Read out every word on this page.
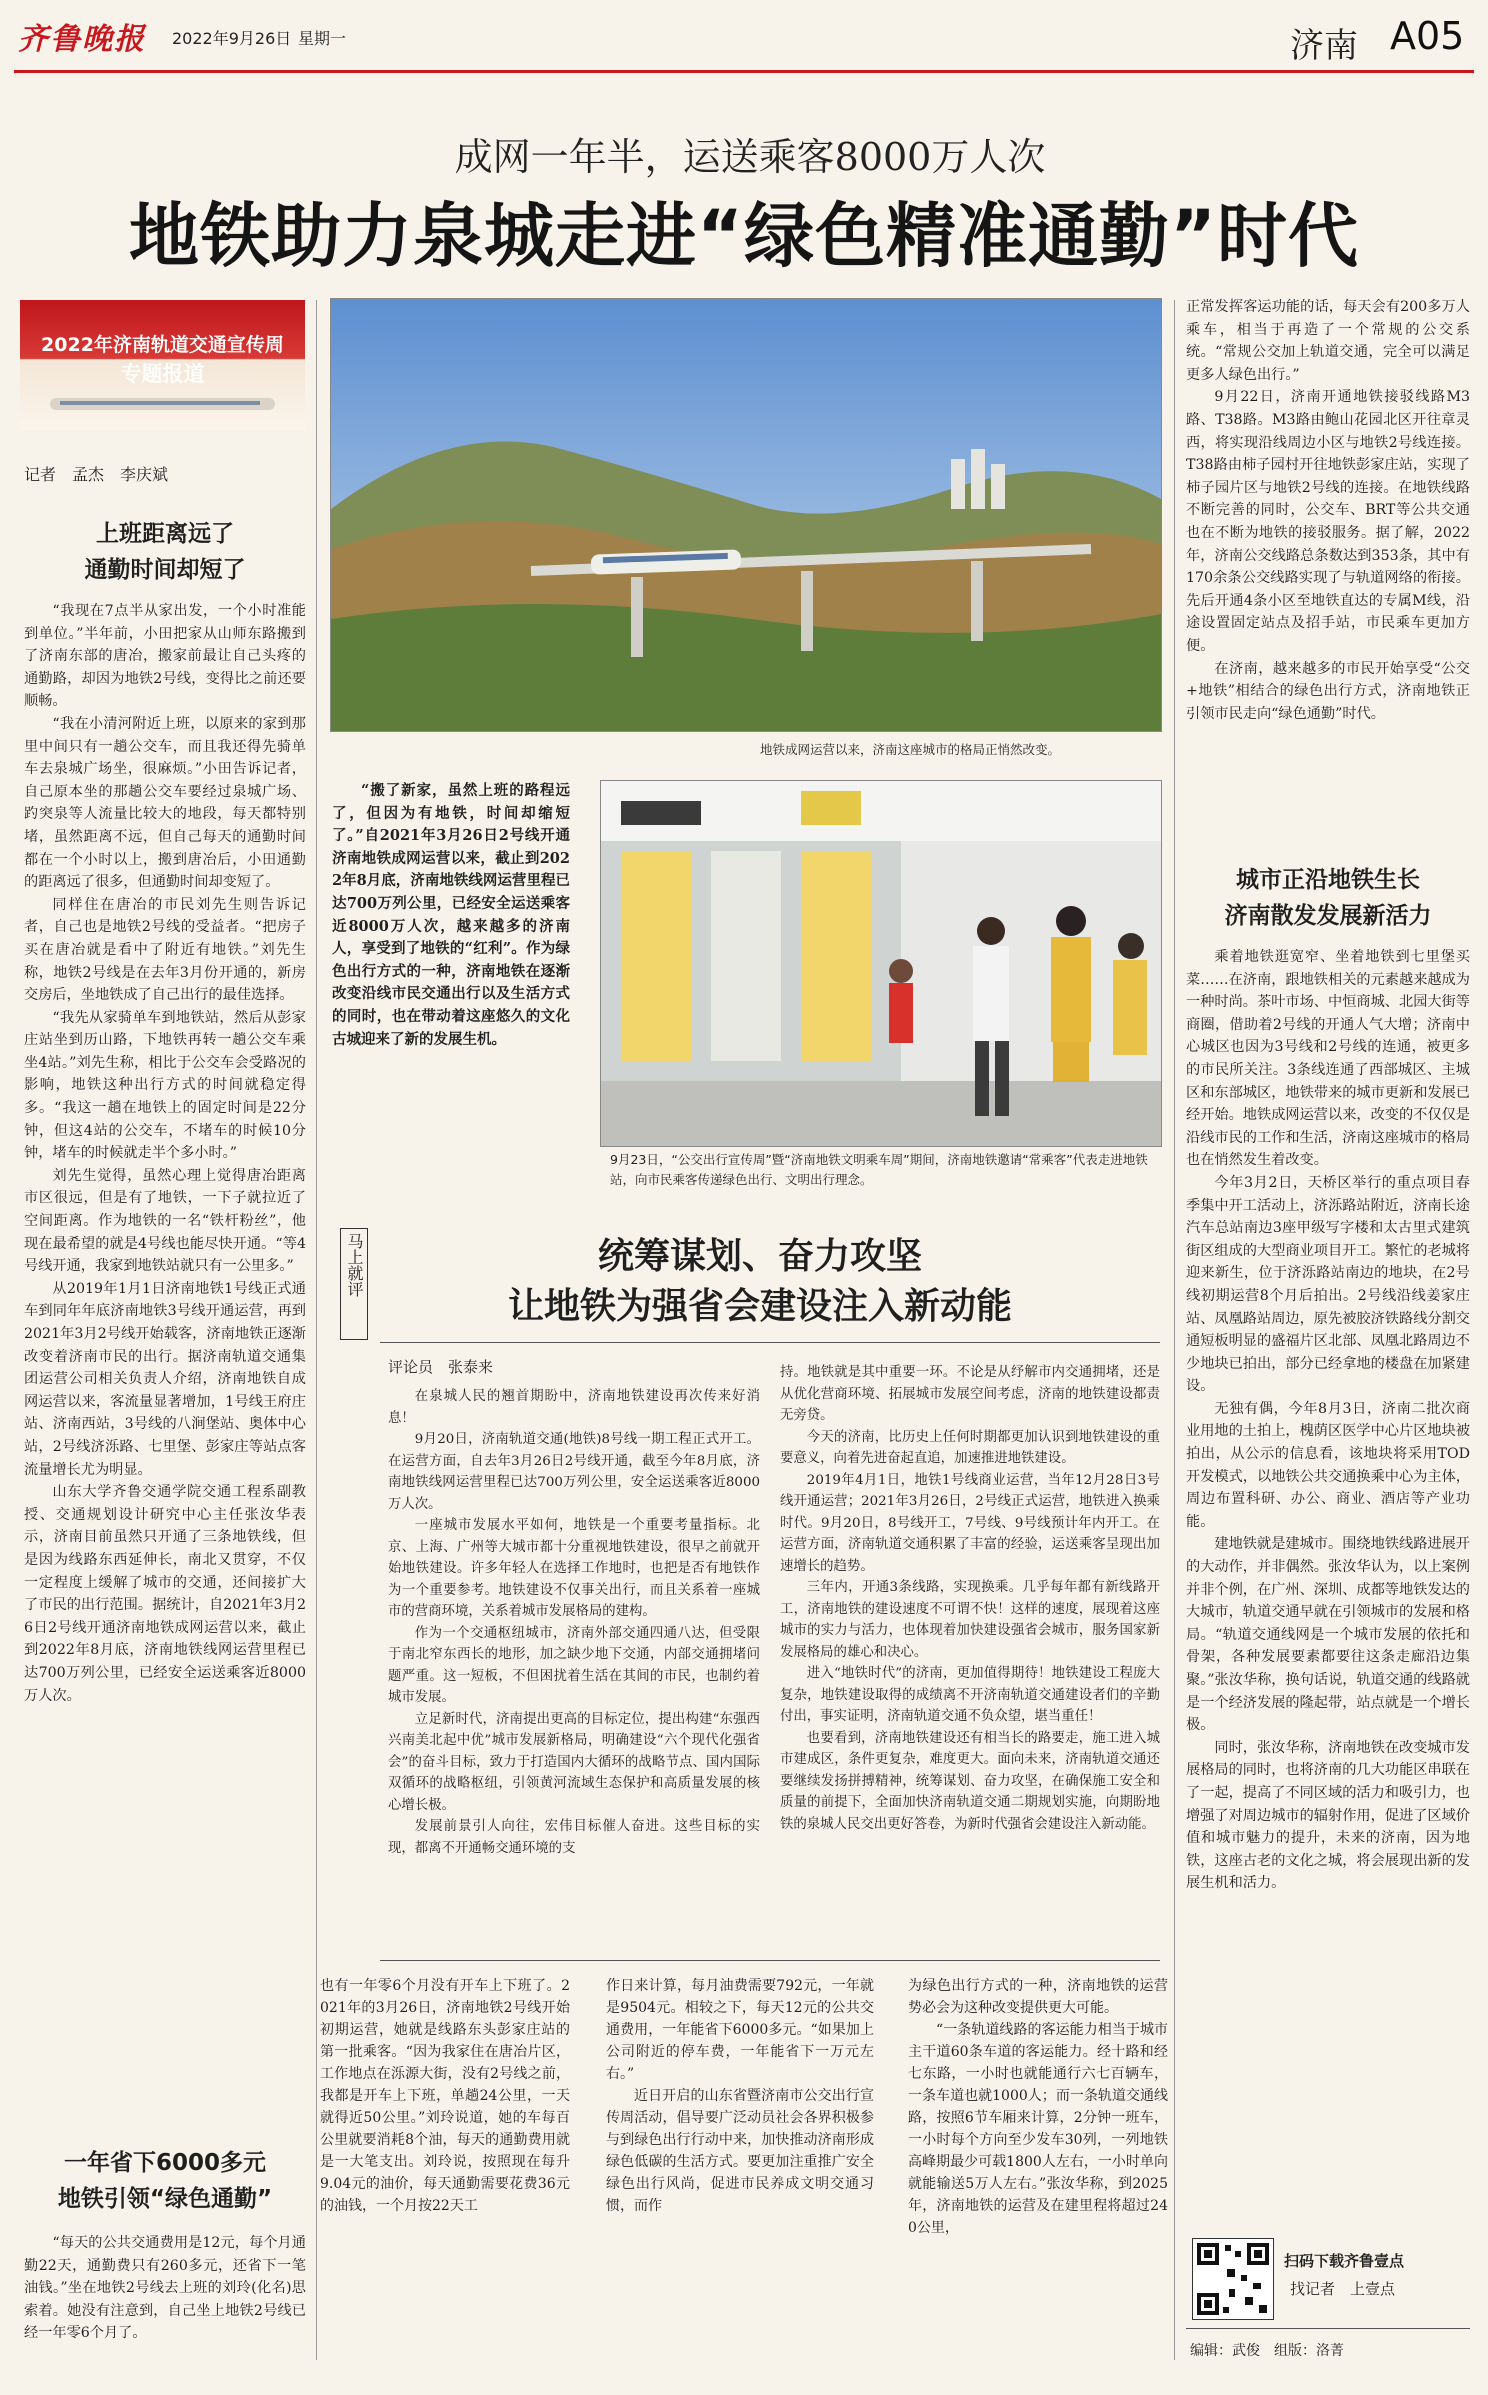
齐鲁晚报 2022年9月26日 星期一	济南 A05
成网一年半，运送乘客8000万人次
地铁助力泉城走进“绿色精准通勤”时代
2022年济南轨道交通宣传周
专题报道
记者　孟杰　李庆斌
上班距离远了
通勤时间却短了

“我现在7点半从家出发，一个小时准能到单位。”半年前，小田把家从山师东路搬到了济南东部的唐冶，搬家前最让自己头疼的通勤路，却因为地铁2号线，变得比之前还要顺畅。

“我在小清河附近上班，以原来的家到那里中间只有一趟公交车，而且我还得先骑单车去泉城广场坐，很麻烦。”小田告诉记者，自己原本坐的那趟公交车要经过泉城广场、趵突泉等人流量比较大的地段，每天都特别堵，虽然距离不远，但自己每天的通勤时间都在一个小时以上，搬到唐冶后，小田通勤的距离远了很多，但通勤时间却变短了。

同样住在唐冶的市民刘先生则告诉记者，自己也是地铁2号线的受益者。“把房子买在唐冶就是看中了附近有地铁。”刘先生称，地铁2号线是在去年3月份开通的，新房交房后，坐地铁成了自己出行的最佳选择。

“我先从家骑单车到地铁站，然后从彭家庄站坐到历山路，下地铁再转一趟公交车乘坐4站。”刘先生称，相比于公交车会受路况的影响，地铁这种出行方式的时间就稳定得多。“我这一趟在地铁上的固定时间是22分钟，但这4站的公交车，不堵车的时候10分钟，堵车的时候就走半个多小时。”

刘先生觉得，虽然心理上觉得唐冶距离市区很远，但是有了地铁，一下子就拉近了空间距离。作为地铁的一名“铁杆粉丝”，他现在最希望的就是4号线也能尽快开通。“等4号线开通，我家到地铁站就只有一公里多。”

从2019年1月1日济南地铁1号线正式通车到同年年底济南地铁3号线开通运营，再到2021年3月2号线开始载客，济南地铁正逐渐改变着济南市民的出行。据济南轨道交通集团运营公司相关负责人介绍，济南地铁自成网运营以来，客流量显著增加，1号线王府庄站、济南西站，3号线的八涧堡站、奥体中心站，2号线济泺路、七里堡、彭家庄等站点客流量增长尤为明显。

山东大学齐鲁交通学院交通工程系副教授、交通规划设计研究中心主任张汝华表示，济南目前虽然只开通了三条地铁线，但是因为线路东西延伸长，南北又贯穿，不仅一定程度上缓解了城市的交通，还间接扩大了市民的出行范围。据统计，自2021年3月26日2号线开通济南地铁成网运营以来，截止到2022年8月底，济南地铁线网运营里程已达700万列公里，已经安全运送乘客近8000万人次。

一年省下6000多元
地铁引领“绿色通勤”

“每天的公共交通费用是12元，每个月通勤22天，通勤费只有260多元，还省下一笔油钱。”坐在地铁2号线去上班的刘玲(化名)思索着。她没有注意到，自己坐上地铁2号线已经一年零6个月了。

地铁成网运营以来，济南这座城市的格局正悄然改变。

“搬了新家，虽然上班的路程远了，但因为有地铁，时间却缩短了。”自2021年3月26日2号线开通济南地铁成网运营以来，截止到2022年8月底，济南地铁线网运营里程已达700万列公里，已经安全运送乘客近8000万人次，越来越多的济南人，享受到了地铁的“红利”。作为绿色出行方式的一种，济南地铁在逐渐改变沿线市民交通出行以及生活方式的同时，也在带动着这座悠久的文化古城迎来了新的发展生机。

9月23日，“公交出行宣传周”暨“济南地铁文明乘车周”期间，济南地铁邀请“常乘客”代表走进地铁站，向市民乘客传递绿色出行、文明出行理念。
马上就评	统筹谋划、奋力攻坚
让地铁为强省会建设注入新动能
评论员　张泰来

在泉城人民的翘首期盼中，济南地铁建设再次传来好消息！

9月20日，济南轨道交通(地铁)8号线一期工程正式开工。在运营方面，自去年3月26日2号线开通，截至今年8月底，济南地铁线网运营里程已达700万列公里，安全运送乘客近8000万人次。

一座城市发展水平如何，地铁是一个重要考量指标。北京、上海、广州等大城市都十分重视地铁建设，很早之前就开始地铁建设。许多年轻人在选择工作地时，也把是否有地铁作为一个重要参考。地铁建设不仅事关出行，而且关系着一座城市的营商环境，关系着城市发展格局的建构。

作为一个交通枢纽城市，济南外部交通四通八达，但受限于南北窄东西长的地形，加之缺少地下交通，内部交通拥堵问题严重。这一短板，不但困扰着生活在其间的市民，也制约着城市发展。

立足新时代，济南提出更高的目标定位，提出构建“东强西兴南美北起中优”城市发展新格局，明确建设“六个现代化强省会”的奋斗目标，致力于打造国内大循环的战略节点、国内国际双循环的战略枢纽，引领黄河流域生态保护和高质量发展的核心增长极。

发展前景引人向往，宏伟目标催人奋进。这些目标的实现，都离不开通畅交通环境的支

持。地铁就是其中重要一环。不论是从纾解市内交通拥堵，还是从优化营商环境、拓展城市发展空间考虑，济南的地铁建设都责无旁贷。

今天的济南，比历史上任何时期都更加认识到地铁建设的重要意义，向着先进奋起直追，加速推进地铁建设。

2019年4月1日，地铁1号线商业运营，当年12月28日3号线开通运营；2021年3月26日，2号线正式运营，地铁进入换乘时代。9月20日，8号线开工，7号线、9号线预计年内开工。在运营方面，济南轨道交通积累了丰富的经验，运送乘客呈现出加速增长的趋势。

三年内，开通3条线路，实现换乘。几乎每年都有新线路开工，济南地铁的建设速度不可谓不快！这样的速度，展现着这座城市的实力与活力，也体现着加快建设强省会城市，服务国家新发展格局的雄心和决心。

进入“地铁时代”的济南，更加值得期待！地铁建设工程庞大复杂，地铁建设取得的成绩离不开济南轨道交通建设者们的辛勤付出，事实证明，济南轨道交通不负众望，堪当重任！

也要看到，济南地铁建设还有相当长的路要走，施工进入城市建成区，条件更复杂，难度更大。面向未来，济南轨道交通还要继续发扬拼搏精神，统筹谋划、奋力攻坚，在确保施工安全和质量的前提下，全面加快济南轨道交通二期规划实施，向期盼地铁的泉城人民交出更好答卷，为新时代强省会建设注入新动能。

也有一年零6个月没有开车上下班了。2021年的3月26日，济南地铁2号线开始初期运营，她就是线路东头彭家庄站的第一批乘客。“因为我家住在唐冶片区，工作地点在泺源大街，没有2号线之前，我都是开车上下班，单趟24公里，一天就得近50公里。”刘玲说道，她的车每百公里就要消耗8个油，每天的通勤费用就是一大笔支出。刘玲说，按照现在每升9.04元的油价，每天通勤需要花费36元的油钱，一个月按22天工

作日来计算，每月油费需要792元，一年就是9504元。相较之下，每天12元的公共交通费用，一年能省下6000多元。“如果加上公司附近的停车费，一年能省下一万元左右。”

近日开启的山东省暨济南市公交出行宣传周活动，倡导要广泛动员社会各界积极参与到绿色出行行动中来，加快推动济南形成绿色低碳的生活方式。要更加注重推广安全绿色出行风尚，促进市民养成文明交通习惯，而作

为绿色出行方式的一种，济南地铁的运营势必会为这种改变提供更大可能。

“一条轨道线路的客运能力相当于城市主干道60条车道的客运能力。经十路和经七东路，一小时也就能通行六七百辆车，一条车道也就1000人；而一条轨道交通线路，按照6节车厢来计算，2分钟一班车，一小时每个方向至少发车30列，一列地铁高峰期最少可载1800人左右，一小时单向就能输送5万人左右。”张汝华称，到2025年，济南地铁的运营及在建里程将超过240公里，

正常发挥客运功能的话，每天会有200多万人乘车，相当于再造了一个常规的公交系统。“常规公交加上轨道交通，完全可以满足更多人绿色出行。”

9月22日，济南开通地铁接驳线路M3路、T38路。M3路由鲍山花园北区开往章灵西，将实现沿线周边小区与地铁2号线连接。T38路由柿子园村开往地铁彭家庄站，实现了柿子园片区与地铁2号线的连接。在地铁线路不断完善的同时，公交车、BRT等公共交通也在不断为地铁的接驳服务。据了解，2022年，济南公交线路总条数达到353条，其中有170余条公交线路实现了与轨道网络的衔接。先后开通4条小区至地铁直达的专属M线，沿途设置固定站点及招手站，市民乘车更加方便。

在济南，越来越多的市民开始享受“公交+地铁”相结合的绿色出行方式，济南地铁正引领市民走向“绿色通勤”时代。

城市正沿地铁生长
济南散发发展新活力

乘着地铁逛宽窄、坐着地铁到七里堡买菜……在济南，跟地铁相关的元素越来越成为一种时尚。茶叶市场、中恒商城、北园大街等商圈，借助着2号线的开通人气大增；济南中心城区也因为3号线和2号线的连通，被更多的市民所关注。3条线连通了西部城区、主城区和东部城区，地铁带来的城市更新和发展已经开始。地铁成网运营以来，改变的不仅仅是沿线市民的工作和生活，济南这座城市的格局也在悄然发生着改变。

今年3月2日，天桥区举行的重点项目春季集中开工活动上，济泺路站附近，济南长途汽车总站南边3座甲级写字楼和太古里式建筑街区组成的大型商业项目开工。繁忙的老城将迎来新生，位于济泺路站南边的地块，在2号线初期运营8个月后拍出。2号线沿线姜家庄站、凤凰路站周边，原先被胶济铁路线分割交通短板明显的盛福片区北部、凤凰北路周边不少地块已拍出，部分已经拿地的楼盘在加紧建设。

无独有偶，今年8月3日，济南二批次商业用地的土拍上，槐荫区医学中心片区地块被拍出，从公示的信息看，该地块将采用TOD开发模式，以地铁公共交通换乘中心为主体，周边布置科研、办公、商业、酒店等产业功能。

建地铁就是建城市。围绕地铁线路进展开的大动作，并非偶然。张汝华认为，以上案例并非个例，在广州、深圳、成都等地铁发达的大城市，轨道交通早就在引领城市的发展和格局。“轨道交通线网是一个城市发展的依托和骨架，各种发展要素都要往这条走廊沿边集聚。”张汝华称，换句话说，轨道交通的线路就是一个经济发展的隆起带，站点就是一个增长极。

同时，张汝华称，济南地铁在改变城市发展格局的同时，也将济南的几大功能区串联在了一起，提高了不同区域的活力和吸引力，也增强了对周边城市的辐射作用，促进了区域价值和城市魅力的提升，未来的济南，因为地铁，这座古老的文化之城，将会展现出新的发展生机和活力。

扫码下载齐鲁壹点
找记者　上壹点
编辑：武俊　组版：洛菁
